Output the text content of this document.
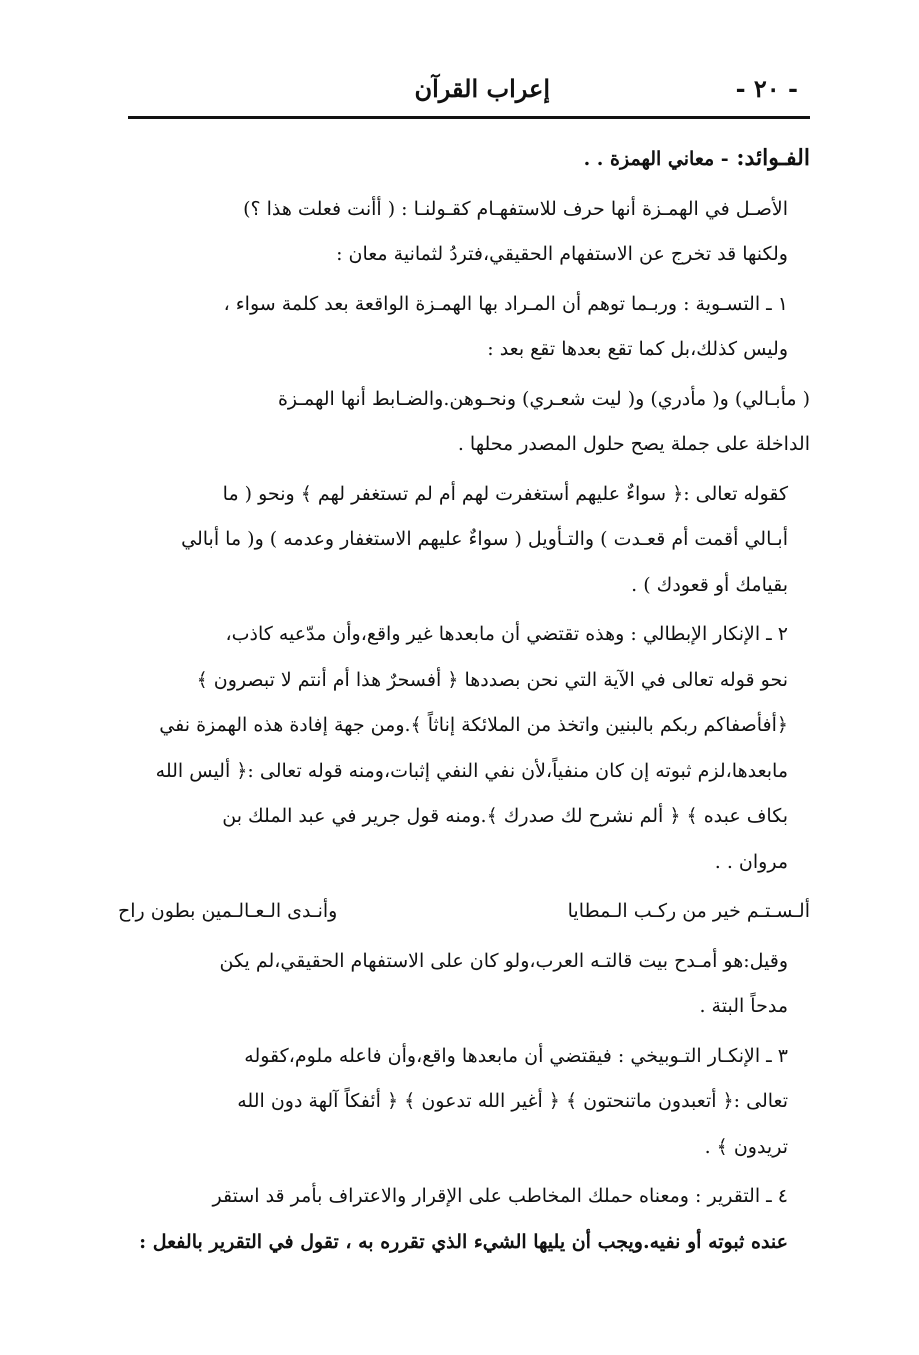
إعراب القرآن	- ٢٠ -

الفـوائد: - معاني الهمزة . .

الأصـل في الهمـزة أنها حرف للاستفهـام كقـولنـا : ( أأنت فعلت هذا ؟)
ولكنها قد تخرج عن الاستفهام الحقيقي،فتردُ لثمانية معان :

١ ـ التسـوية : وربـما توهم أن المـراد بها الهمـزة الواقعة بعد كلمة سواء ،
وليس كذلك،بل كما تقع بعدها تقع بعد :

( مأبـالي) و( مأدري) و( ليت شعـري) ونحـوهن.والضـابط أنها الهمـزة
الداخلة على جملة يصح حلول المصدر محلها .

كقوله تعالى :﴿ سواءٌ عليهم أستغفرت لهم أم لم تستغفر لهم ﴾ ونحو ( ما
أبـالي أقمت أم قعـدت ) والتـأويل ( سواءٌ عليهم الاستغفار وعدمه ) و( ما أبالي
بقيامك أو قعودك ) .

٢ ـ الإنكار الإبطالي : وهذه تقتضي أن مابعدها غير واقع،وأن مدّعيه كاذب،
نحو قوله تعالى في الآية التي نحن بصددها ﴿ أفسحرٌ هذا أم أنتم لا تبصرون ﴾
﴿أفأصفاكم ربكم بالبنين واتخذ من الملائكة إناثاً ﴾.ومن جهة إفادة هذه الهمزة نفي
مابعدها،لزم ثبوته إن كان منفياً،لأن نفي النفي إثبات،ومنه قوله تعالى :﴿ أليس الله
بكاف عبده ﴾ ﴿ ألم نشرح لك صدرك ﴾.ومنه قول جرير في عبد الملك بن
مروان . .

ألـسـتـم خير من ركـب الـمطايا
وأنـدى الـعـالـمين بطون راح

وقيل:هو أمـدح بيت قالتـه العرب،ولو كان على الاستفهام الحقيقي،لم يكن
مدحاً البتة .

٣ ـ الإنكـار التـوبيخي : فيقتضي أن مابعدها واقع،وأن فاعله ملوم،كقوله
تعالى :﴿ أتعبدون ماتنحتون ﴾ ﴿ أغير الله تدعون ﴾ ﴿ أئفكاً آلهة دون الله
تريدون ﴾ .

٤ ـ التقرير : ومعناه حملك المخاطب على الإقرار والاعتراف بأمر قد استقر
عنده ثبوته أو نفيه.ويجب أن يليها الشيء الذي تقرره به ، تقول في التقرير بالفعل :
